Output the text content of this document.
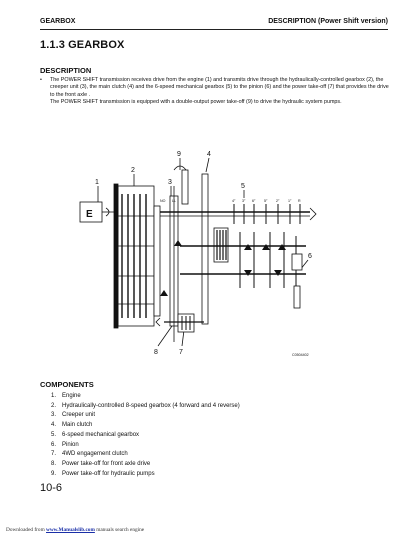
GEARBOX	DESCRIPTION (Power Shift version)
1.1.3 GEARBOX
DESCRIPTION
•	The POWER SHIFT transmission receives drive from the engine (1) and transmits drive through the hydraulically-controlled gearbox (2), the creeper unit (3), the main clutch (4) and the 6-speed mechanical gearbox (5) to the pinion (6) and the power take-off (7) that provides the drive to the front axle .
The POWER SHIFT transmission is equipped with a double-output power take-off (9) to drive the hydraulic system pumps.
E
1
2
3
9	4
5
6
8	7
NO LL	4° 3° 6° 5° 2° 1° R
C0504402
COMPONENTS
1.	Engine
2.	Hydraulically-controlled 8-speed gearbox (4 forward and 4 reverse)
3.	Creeper unit
4.	Main clutch
5.	6-speed mechanical gearbox
6.	Pinion
7.	4WD engagement clutch
8.	Power take-off for front axle drive
9.	Power take-off for hydraulic pumps
10-6
Downloaded from www.Manualslib.com manuals search engine
